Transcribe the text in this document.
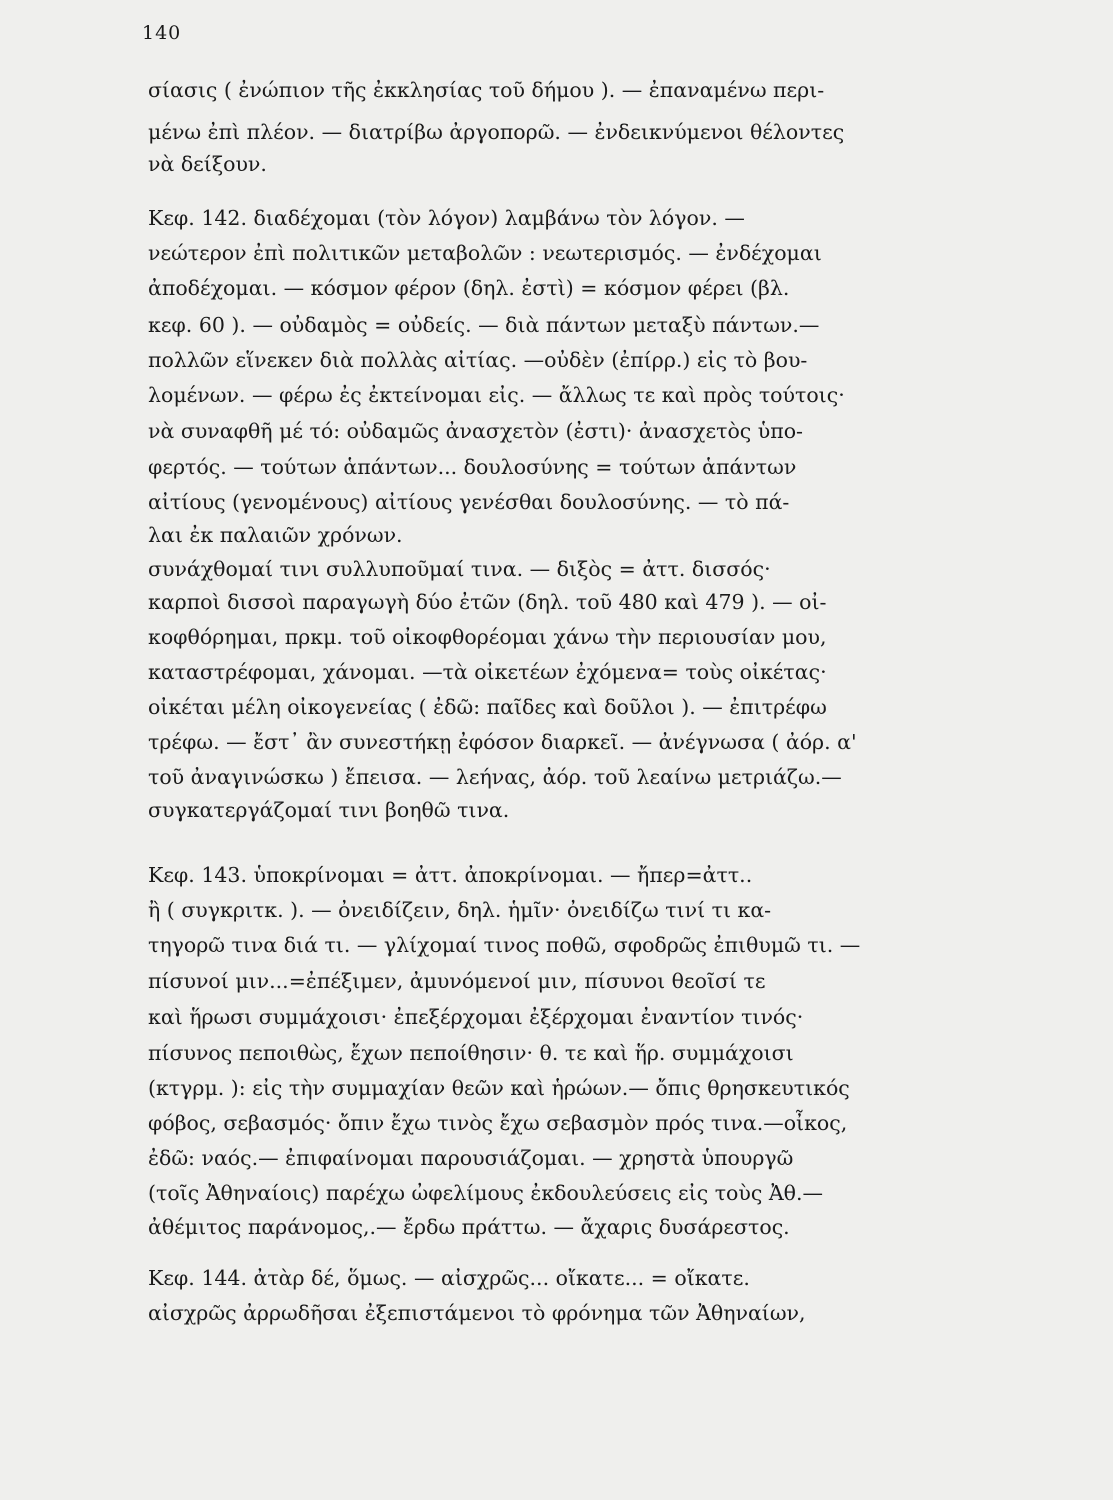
140
σίασις ( ἐνώπιον τῆς ἐκκλησίας τοῦ δήμου ). — ἐπαναμένω περι-
μένω ἐπὶ πλέον. — διατρίβω ἀργοπορῶ. — ἐνδεικνύμενοι θέλοντες
νὰ δείξουν.
Κεφ. 142. διαδέχομαι (τὸν λόγον) λαμβάνω τὸν λόγον. —
νεώτερον ἐπὶ πολιτικῶν μεταβολῶν : νεωτερισμός. — ἐνδέχομαι
ἀποδέχομαι. — κόσμον φέρον (δηλ. ἐστὶ) = κόσμον φέρει (βλ.
κεφ. 60 ). — οὐδαμὸς = οὐδείς. — διὰ πάντων μεταξὺ πάντων.—
πολλῶν εἵνεκεν διὰ πολλὰς αἰτίας. —οὐδὲν (ἐπίρρ.) εἰς τὸ βου-
λομένων. — φέρω ἐς ἐκτείνομαι εἰς. — ἄλλως τε καὶ πρὸς τούτοις·
νὰ συναφθῆ μέ τό: οὐδαμῶς ἀνασχετὸν (ἐστι)· ἀνασχετὸς ὑπο-
φερτός. — τούτων ἁπάντων... δουλοσύνης = τούτων ἁπάντων
αἰτίους (γενομένους) αἰτίους γενέσθαι δουλοσύνης. — τὸ πά-
λαι ἐκ παλαιῶν χρόνων.
συνάχθομαί τινι συλλυποῦμαί τινα. — διξὸς = ἀττ. δισσός·
καρποὶ δισσοὶ παραγωγὴ δύο ἐτῶν (δηλ. τοῦ 480 καὶ 479 ). — οἰ-
κοφθόρημαι, πρκμ. τοῦ οἰκοφθορέομαι χάνω τὴν περιουσίαν μου,
καταστρέφομαι, χάνομαι. —τὰ οἰκετέων ἐχόμενα= τοὺς οἰκέτας·
οἰκέται μέλη οἰκογενείας ( ἐδῶ: παῖδες καὶ δοῦλοι ). — ἐπιτρέφω
τρέφω. — ἔστ᾽ ἂν συνεστήκῃ ἐφόσον διαρκεῖ. — ἀνέγνωσα ( ἀόρ. α'
τοῦ ἀναγινώσκω ) ἔπεισα. — λεήνας, ἀόρ. τοῦ λεαίνω μετριάζω.—
συγκατεργάζομαί τινι βοηθῶ τινα.
Κεφ. 143. ὑποκρίνομαι = ἀττ. ἀποκρίνομαι. — ἤπερ=ἀττ..
ἢ ( συγκριτκ. ). — ὀνειδίζειν, δηλ. ἡμῖν· ὀνειδίζω τινί τι κα-
τηγορῶ τινα διά τι. — γλίχομαί τινος ποθῶ, σφοδρῶς ἐπιθυμῶ τι. —
πίσυνοί μιν...=ἐπέξιμεν, ἀμυνόμενοί μιν, πίσυνοι θεοῖσί τε
καὶ ἥρωσι συμμάχοισι· ἐπεξέρχομαι ἐξέρχομαι ἐναντίον τινός·
πίσυνος πεποιθὼς, ἔχων πεποίθησιν· θ. τε καὶ ἥρ. συμμάχοισι
(κτγρμ. ): εἰς τὴν συμμαχίαν θεῶν καὶ ἡρώων.— ὄπις θρησκευτικός
φόβος, σεβασμός· ὄπιν ἔχω τινὸς ἔχω σεβασμὸν πρός τινα.—οἶκος,
ἐδῶ: ναός.— ἐπιφαίνομαι παρουσιάζομαι. — χρηστὰ ὑπουργῶ
(τοῖς Ἀθηναίοις) παρέχω ὠφελίμους ἐκδουλεύσεις εἰς τοὺς Ἀθ.—
ἀθέμιτος παράνομος,.— ἔρδω πράττω. — ἄχαρις δυσάρεστος.
Κεφ. 144. ἀτὰρ δέ, ὅμως. — αἰσχρῶς... οἴκατε... = οἴκατε.
αἰσχρῶς ἀρρωδῆσαι ἐξεπιστάμενοι τὸ φρόνημα τῶν Ἀθηναίων,
